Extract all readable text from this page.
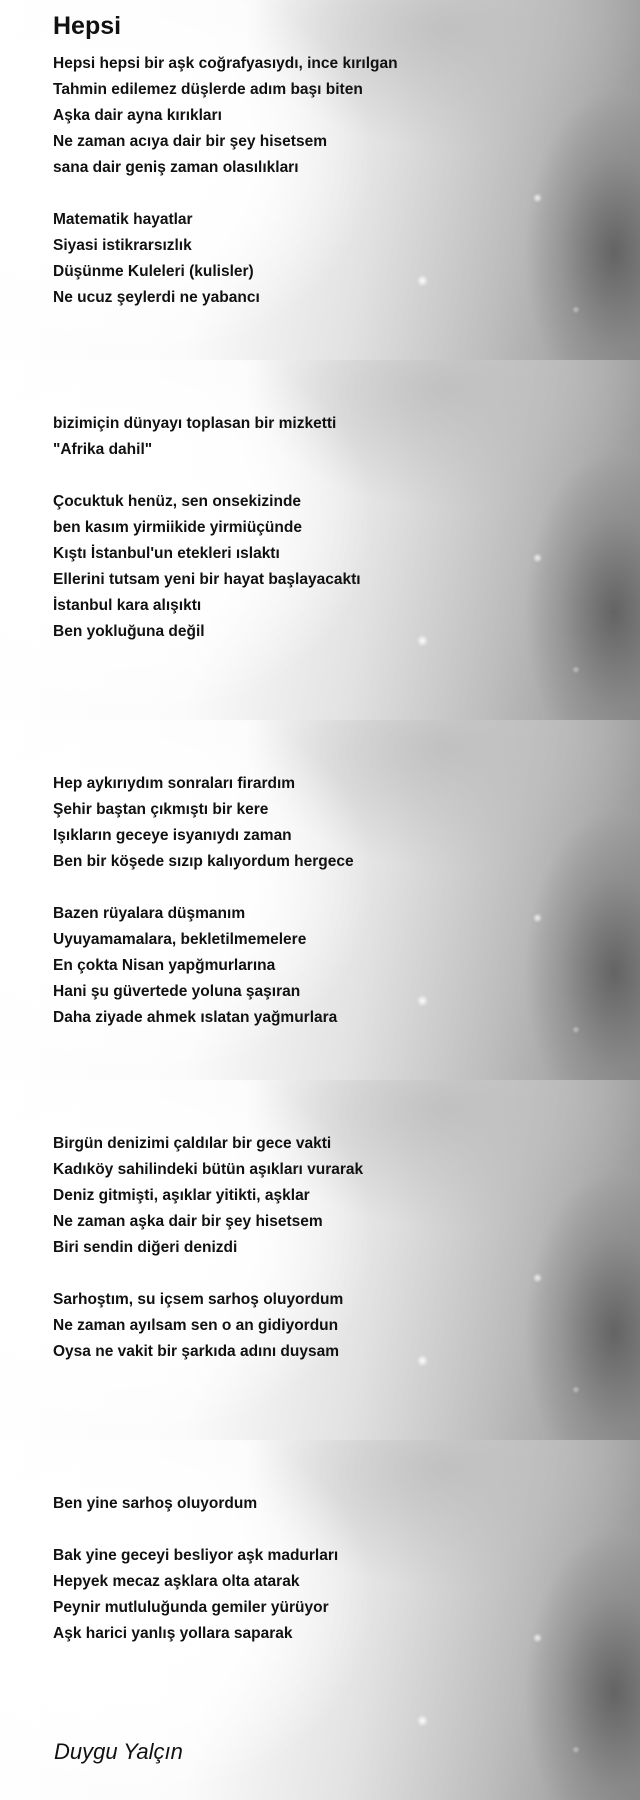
Hepsi
Hepsi hepsi bir aşk coğrafyasıydı, ince kırılgan
Tahmin edilemez düşlerde adım başı biten
Aşka dair ayna kırıkları
Ne zaman acıya dair bir şey hisetsem
sana dair geniş zaman olasılıkları
Matematik hayatlar
Siyasi istikrarsızlık
Düşünme Kuleleri (kulisler)
Ne ucuz şeylerdi ne yabancı
bizimiçin dünyayı toplasan bir mizketti
"Afrika dahil"
Çocuktuk henüz, sen onsekizinde
ben kasım yirmiikide yirmiüçünde
Kıştı İstanbul'un etekleri ıslaktı
Ellerini tutsam yeni bir hayat başlayacaktı
İstanbul kara alışıktı
Ben yokluğuna değil
Hep aykırıydım sonraları firardım
Şehir baştan çıkmıştı bir kere
Işıkların geceye isyanıydı zaman
Ben bir köşede sızıp kalıyordum hergece
Bazen rüyalara düşmanım
Uyuyamamalara, bekletilmemelere
En çokta Nisan yapğmurlarına
Hani şu güvertede yoluna şaşıran
Daha ziyade ahmek ıslatan yağmurlara
Birgün denizimi çaldılar bir gece vakti
Kadıköy sahilindeki bütün aşıkları vurarak
Deniz gitmişti, aşıklar yitikti, aşklar
Ne zaman aşka dair bir şey hisetsem
Biri sendin diğeri denizdi
Sarhoştım, su içsem sarhoş oluyordum
Ne zaman ayılsam sen o an gidiyordun
Oysa ne vakit bir şarkıda adını duysam
Ben yine sarhoş oluyordum
Bak yine geceyi besliyor aşk madurları
Hepyek mecaz aşklara olta atarak
Peynir mutluluğunda gemiler yürüyor
Aşk harici yanlış yollara saparak
Duygu Yalçın
